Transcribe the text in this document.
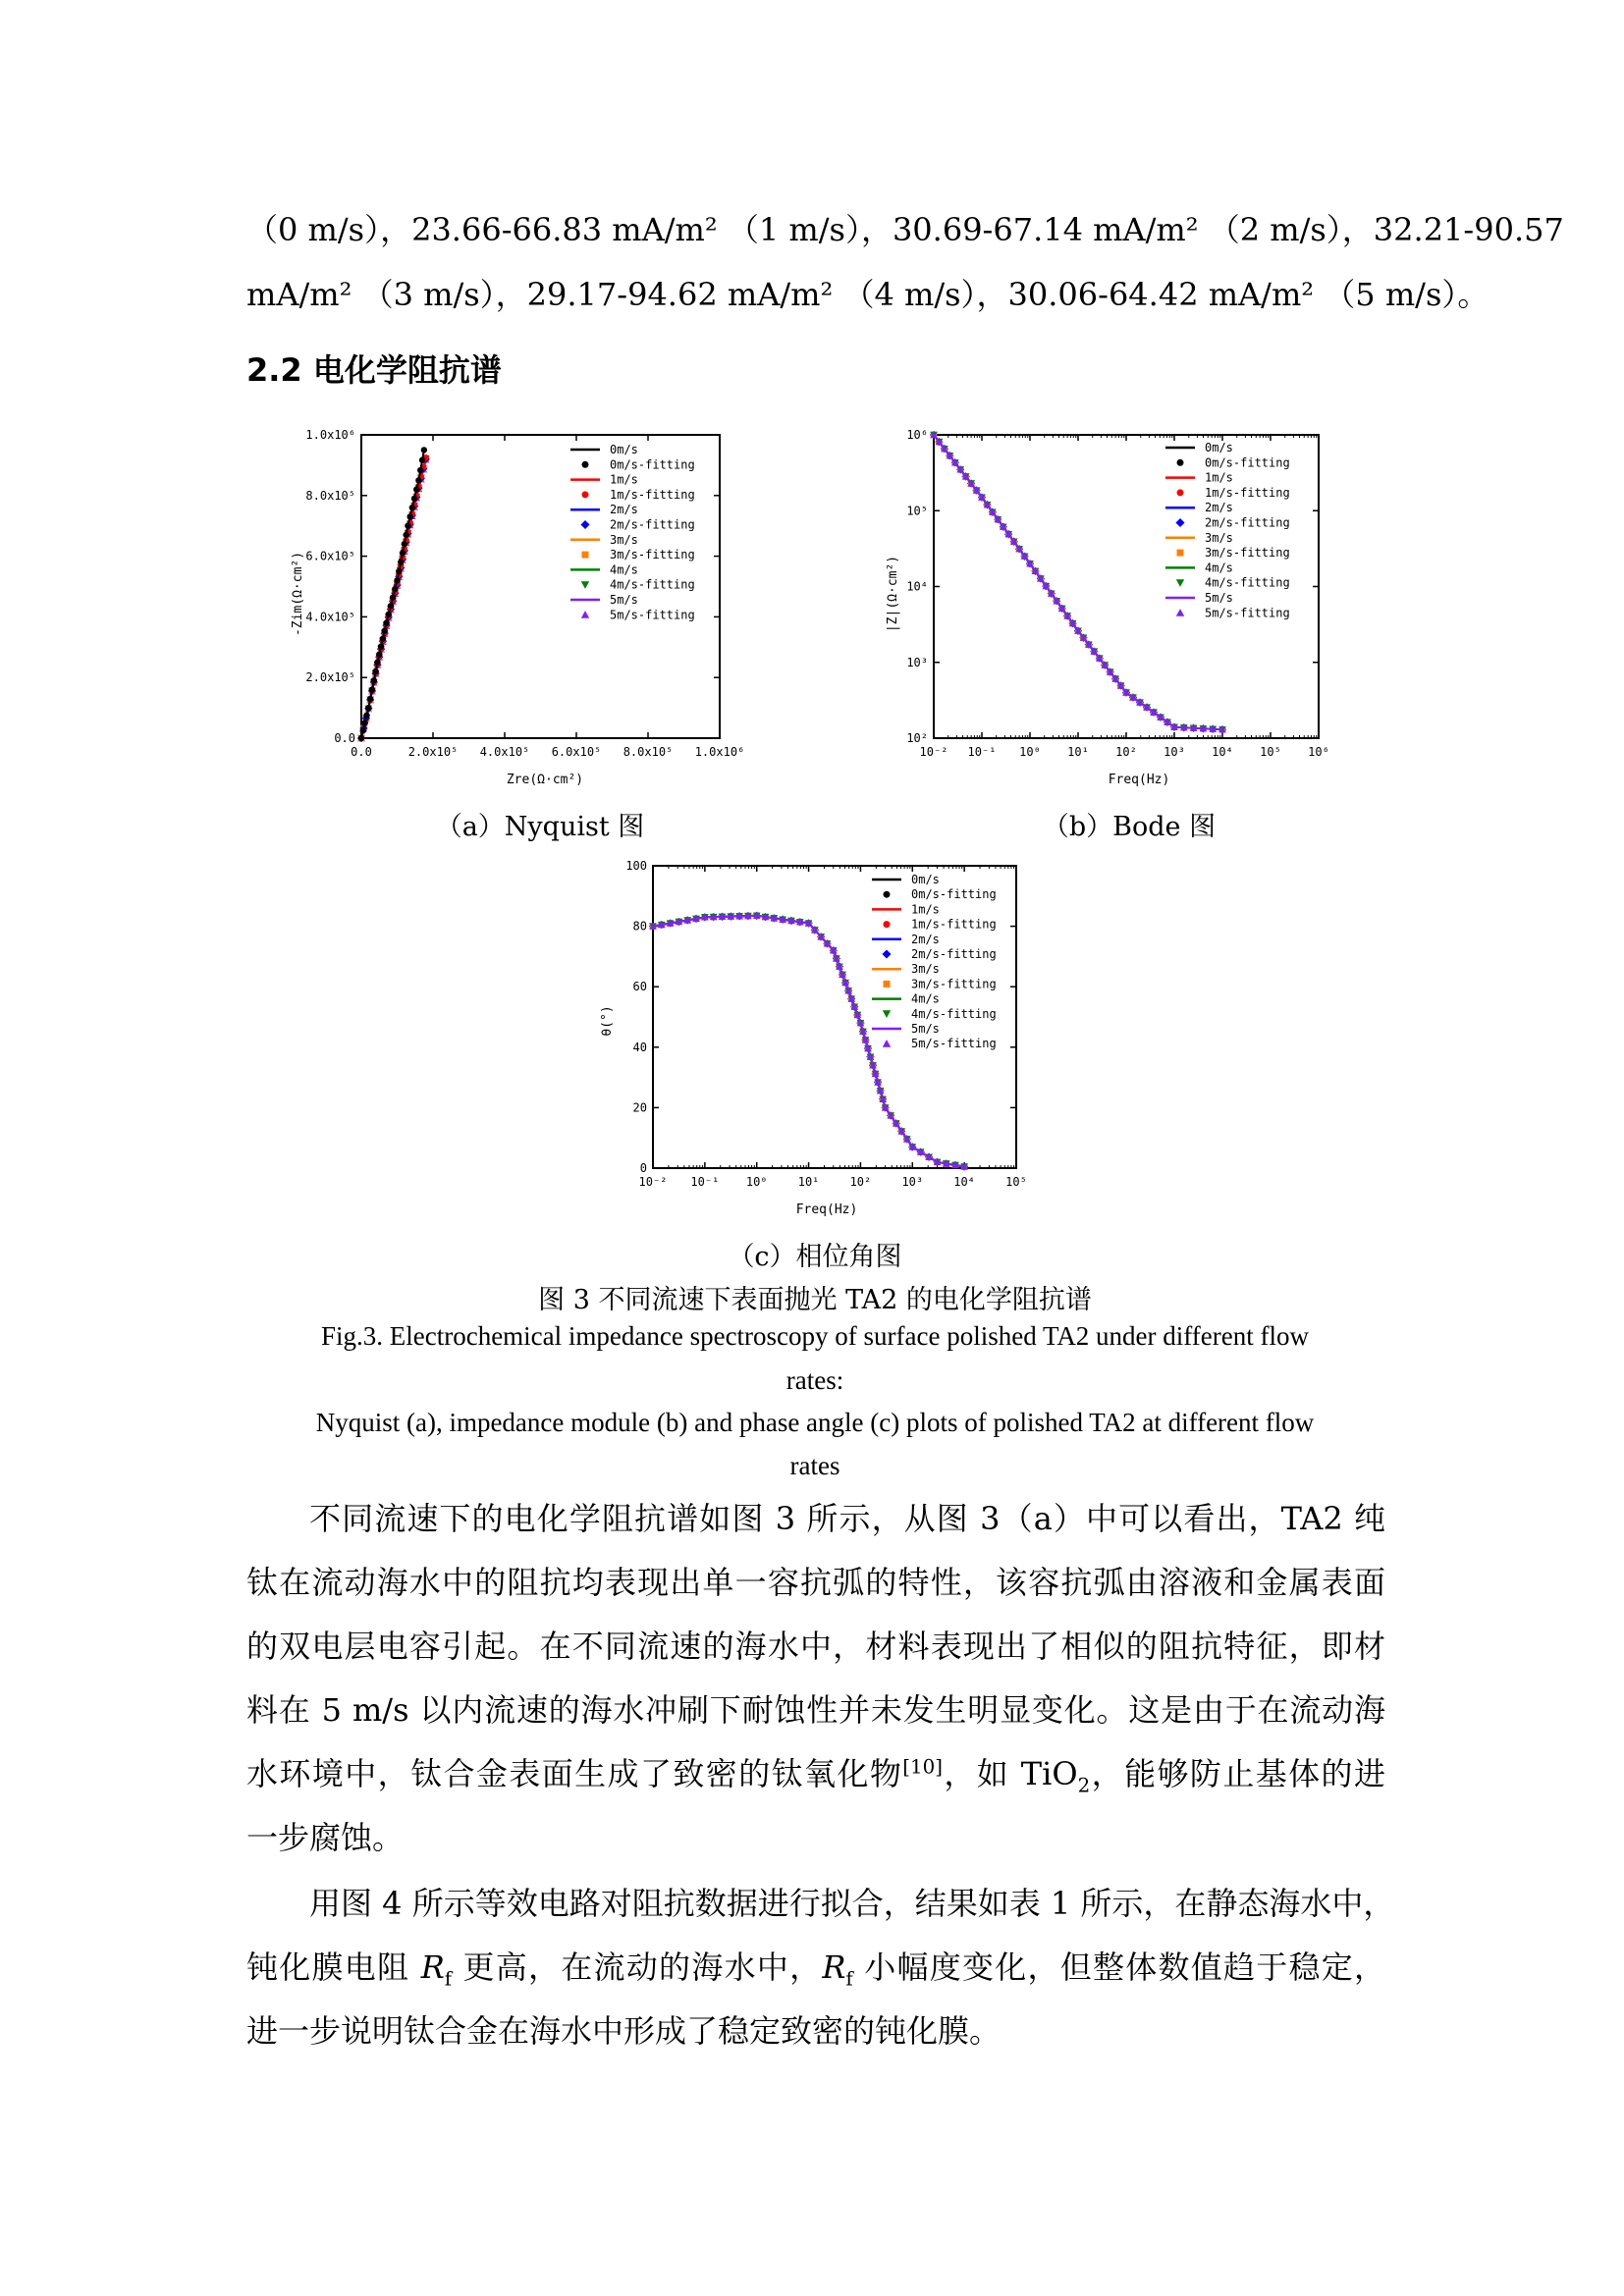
（0 m/s），23.66-66.83 mA/m² （1 m/s），30.69-67.14 mA/m² （2 m/s），32.21-90.57
mA/m² （3 m/s），29.17-94.62 mA/m² （4 m/s），30.06-64.42 mA/m² （5 m/s）。
2.2 电化学阻抗谱
0.0	2.0x10⁵ 4.0x10⁵ 6.0x10⁵ 8.0x10⁵ 1.0x10⁶
0.0
2.0x10⁵
4.0x10⁵
6.0x10⁵
8.0x10⁵
1.0x10⁶
0m/s
0m/s-fitting
1m/s
1m/s-fitting
2m/s
2m/s-fitting
3m/s
3m/s-fitting
4m/s
4m/s-fitting
5m/s
5m/s-fitting
Zre(Ω·cm²)
-Zim(Ω·cm²)
10⁻² 10⁻¹ 10⁰ 10¹ 10² 10³ 10⁴ 10⁵ 10⁶
10²
10³
10⁴
10⁵
10⁶
0m/s
0m/s-fitting
1m/s
1m/s-fitting
2m/s
2m/s-fitting
3m/s
3m/s-fitting
4m/s
4m/s-fitting
5m/s
5m/s-fitting
Freq(Hz)
|Z|(Ω·cm²)
（a）Nyquist 图	（b）Bode 图
10⁻² 10⁻¹ 10⁰	10¹	10²	10³	10⁴	10⁵
0
20
40
60
80
100
0m/s
0m/s-fitting
1m/s
1m/s-fitting
2m/s
2m/s-fitting
3m/s
3m/s-fitting
4m/s
4m/s-fitting
5m/s
5m/s-fitting
Freq(Hz)
θ(°)
（c）相位角图
图 3 不同流速下表面抛光 TA2 的电化学阻抗谱
Fig.3. Electrochemical impedance spectroscopy of surface polished TA2 under different flow
rates:
Nyquist (a), impedance module (b) and phase angle (c) plots of polished TA2 at different flow
rates
不同流速下的电化学阻抗谱如图 3 所示，从图 3（a）中可以看出，TA2 纯
钛在流动海水中的阻抗均表现出单一容抗弧的特性，该容抗弧由溶液和金属表面
的双电层电容引起。在不同流速的海水中，材料表现出了相似的阻抗特征，即材
料在 5 m/s 以内流速的海水冲刷下耐蚀性并未发生明显变化。这是由于在流动海
水环境中，钛合金表面生成了致密的钛氧化物[10]，如 TiO$_2$，能够防止基体的进
一步腐蚀。
用图 4 所示等效电路对阻抗数据进行拟合，结果如表 1 所示，在静态海水中，
钝化膜电阻 $R_f$ 更高，在流动的海水中，$R_f$ 小幅度变化，但整体数值趋于稳定，
进一步说明钛合金在海水中形成了稳定致密的钝化膜。
